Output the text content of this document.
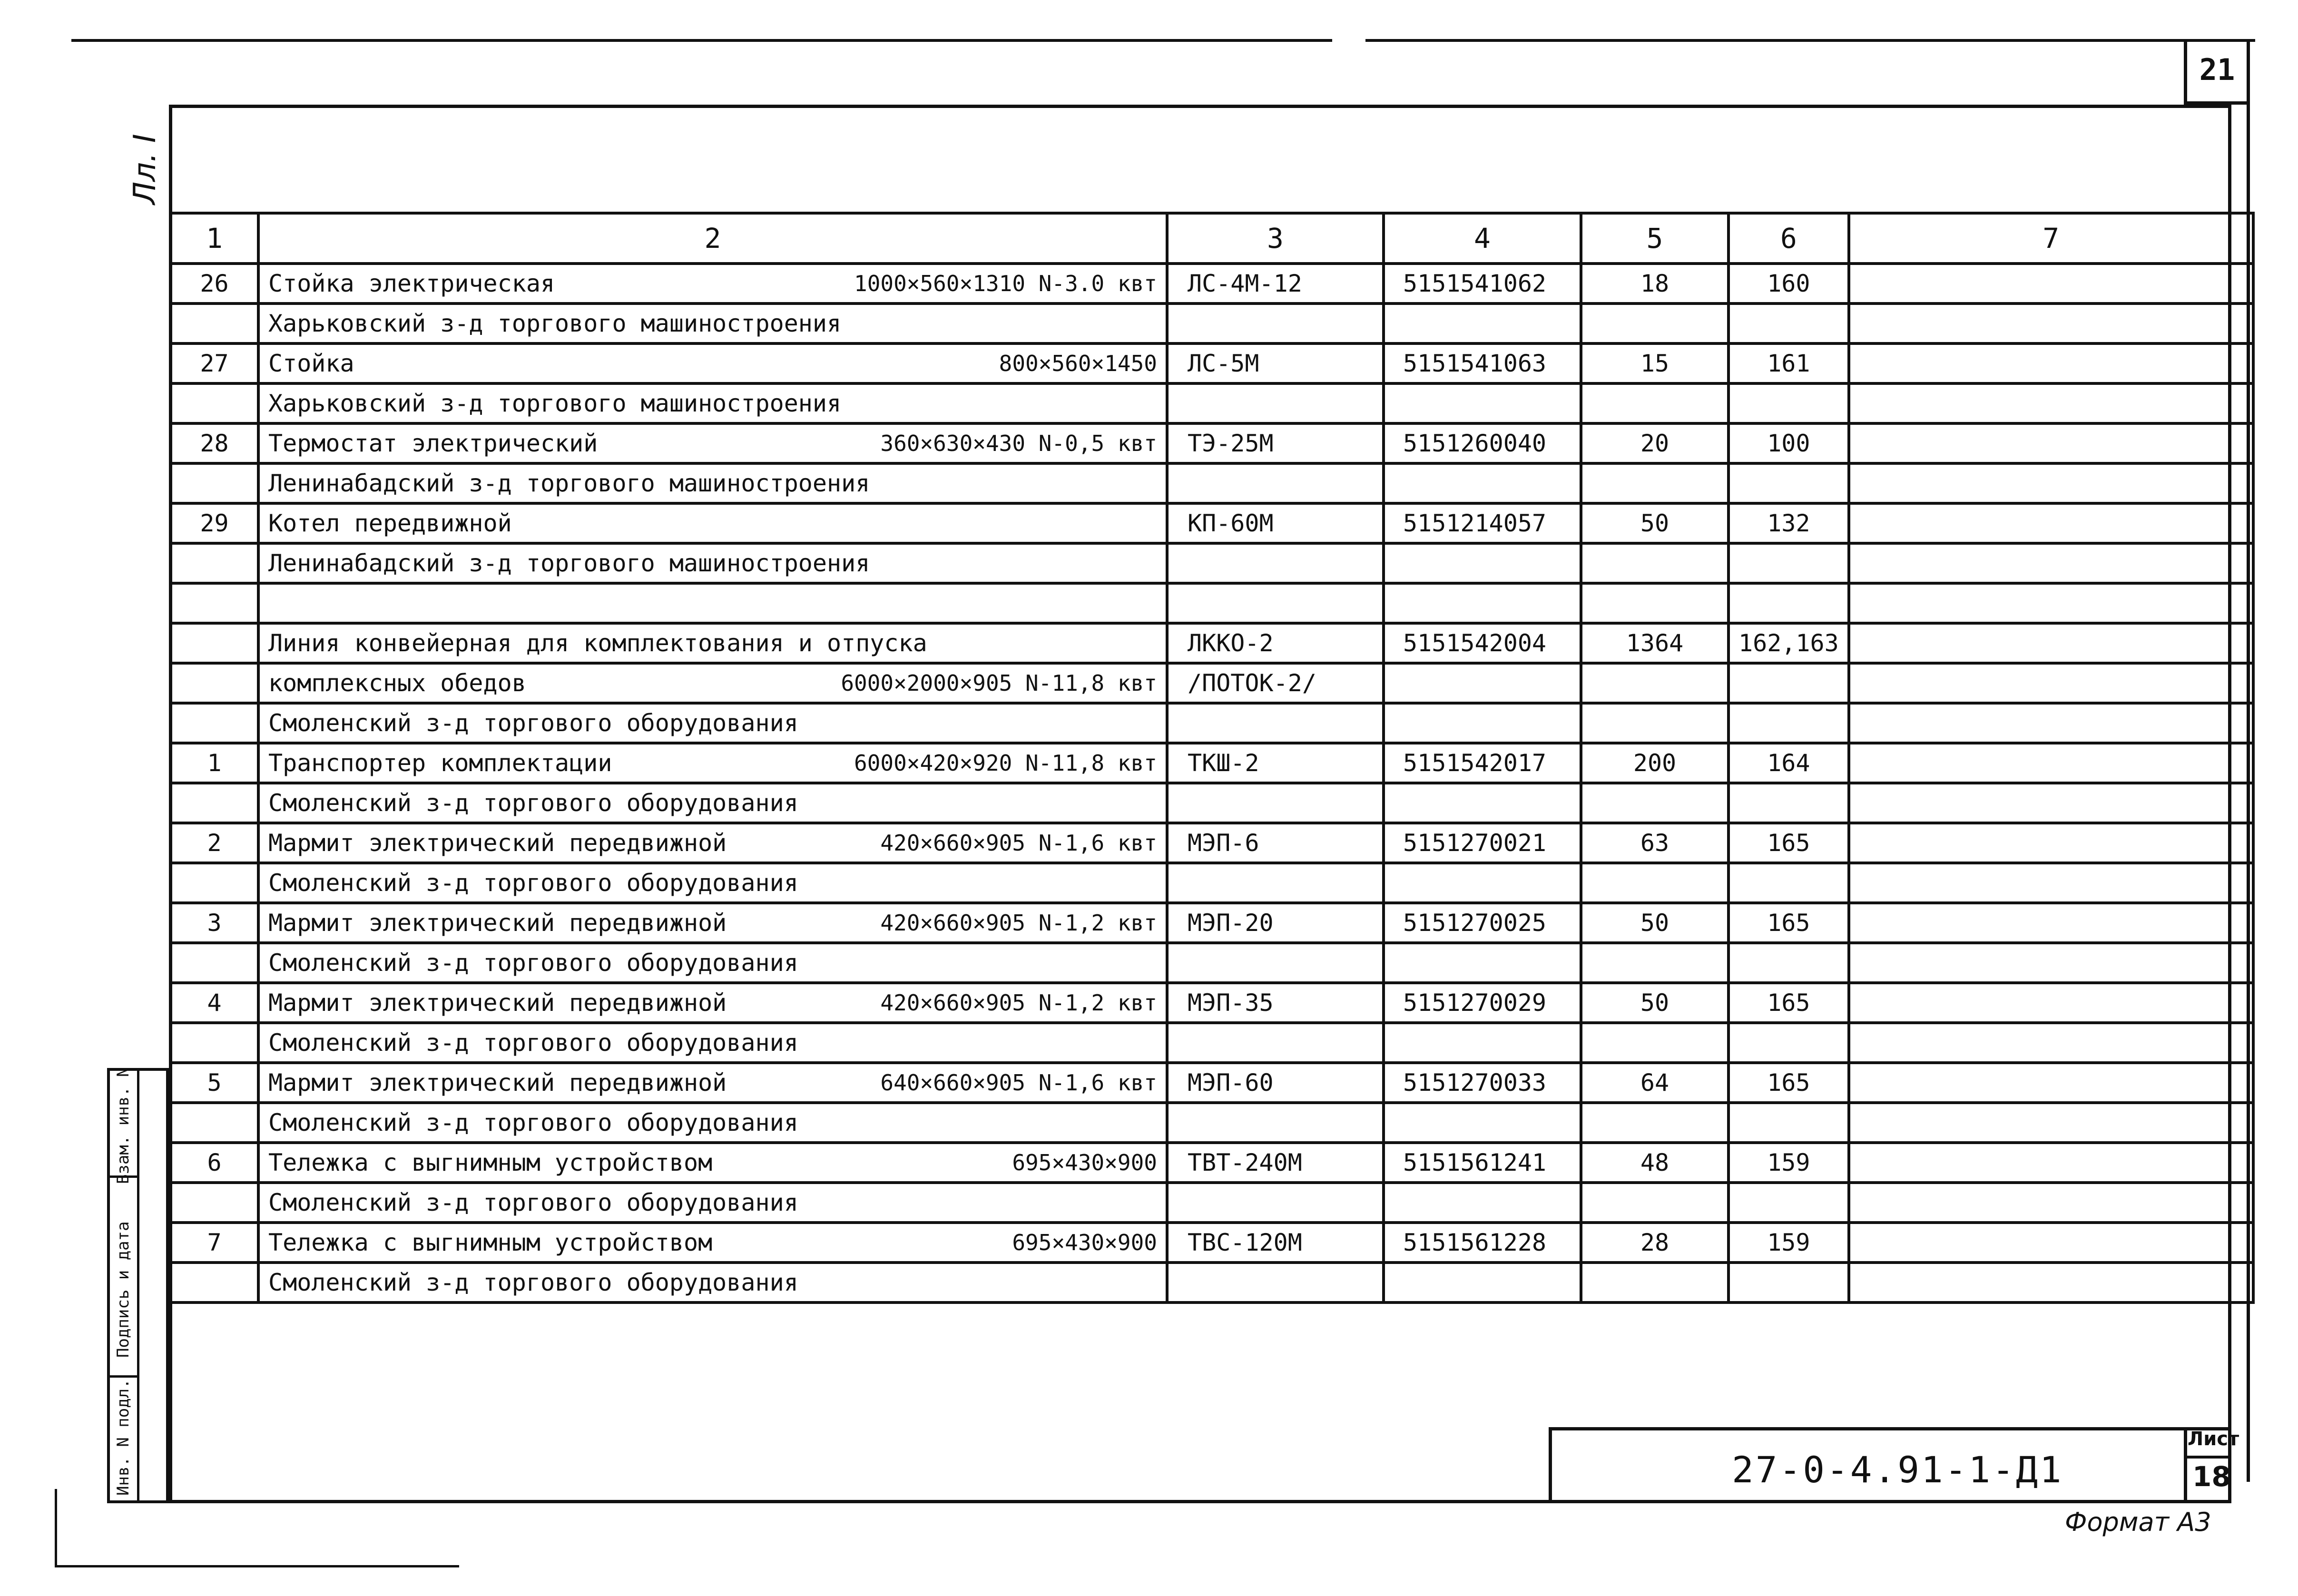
21
Лл. I
1	2	3	4	5	6	7
26	Стойка электрическая 1000×560×1310 N-3.0 квт	ЛС-4М-12	5151541062	18	160	

	Харьковский з-д торгового машиностроения					

27	Стойка 800×560×1450	ЛС-5М	5151541063	15	161	

	Харьковский з-д торгового машиностроения					

28	Термостат электрический 360×630×430 N-0,5 квт	ТЭ-25М	5151260040	20	100	

	Ленинабадский з-д торгового машиностроения					

29	Котел передвижной	КП-60М	5151214057	50	132	

	Ленинабадский з-д торгового машиностроения					

	Линия конвейерная для комплектования и отпуска	ЛККО-2	5151542004	1364	162,163	

	комплексных обедов 6000×2000×905 N-11,8 квт	/ПОТОК-2/				

	Смоленский з-д торгового оборудования					

1	Транспортер комплектации 6000×420×920 N-11,8 квт	ТКШ-2	5151542017	200	164	

	Смоленский з-д торгового оборудования					

2	Мармит электрический передвижной 420×660×905 N-1,6 квт	МЭП-6	5151270021	63	165	

	Смоленский з-д торгового оборудования					

3	Мармит электрический передвижной 420×660×905 N-1,2 квт	МЭП-20	5151270025	50	165	

	Смоленский з-д торгового оборудования					

4	Мармит электрический передвижной 420×660×905 N-1,2 квт	МЭП-35	5151270029	50	165	

	Смоленский з-д торгового оборудования					

5	Мармит электрический передвижной 640×660×905 N-1,6 квт	МЭП-60	5151270033	64	165	

	Смоленский з-д торгового оборудования					

6	Тележка с выгнимным устройством 695×430×900	ТВТ-240М	5151561241	48	159	

	Смоленский з-д торгового оборудования					

7	Тележка с выгнимным устройством 695×430×900	ТВС-120М	5151561228	28	159	

	Смоленский з-д торгового оборудования					

Инв. N подл.
Подпись и дата
Взам. инв. N
27-0-4.91-1-Д1
Лист
18
Формат А3
